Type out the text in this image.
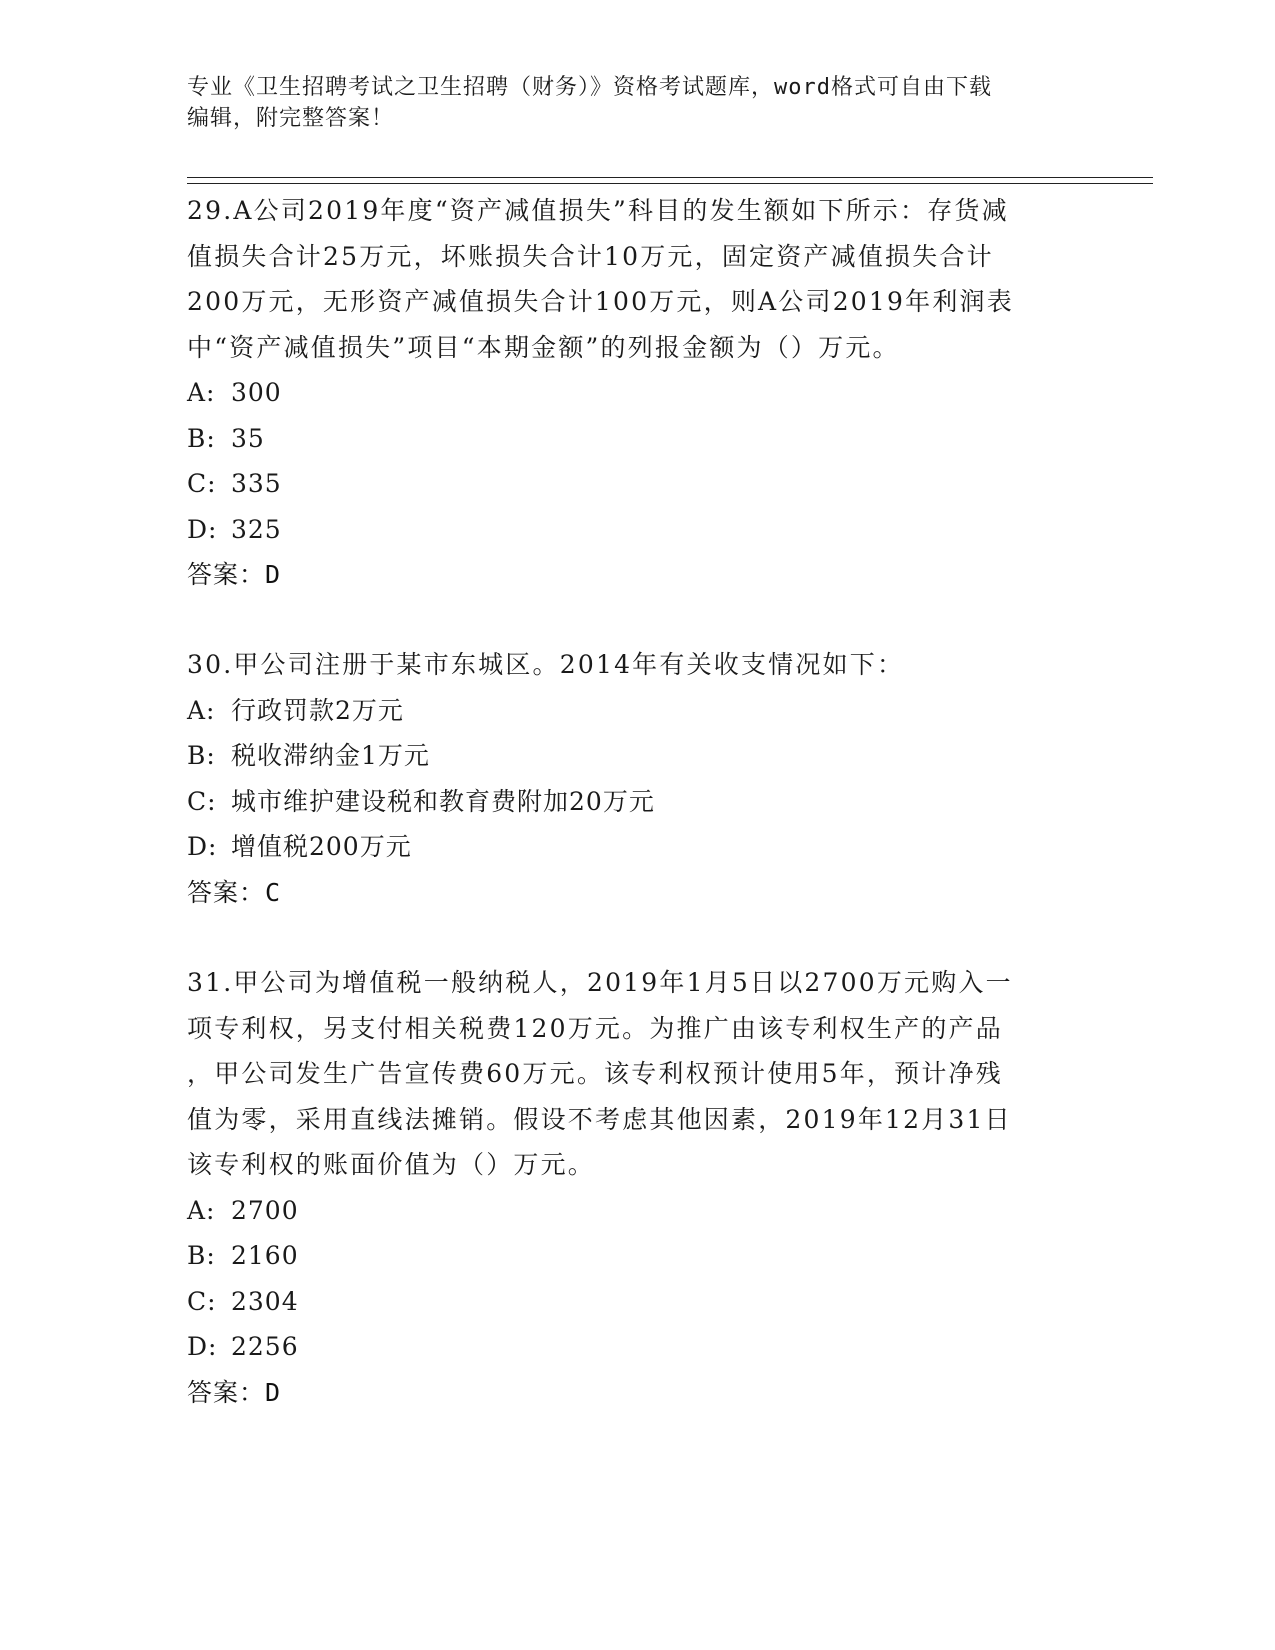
专业《卫生招聘考试之卫生招聘（财务）》资格考试题库，word格式可自由下载
编辑，附完整答案！

29.A公司2019年度“资产减值损失”科目的发生额如下所示：存货减

值损失合计25万元，坏账损失合计10万元，固定资产减值损失合计

200万元，无形资产减值损失合计100万元，则A公司2019年利润表

中“资产减值损失”项目“本期金额”的列报金额为（）万元。

A: 300

B: 35

C: 335

D: 325

答案：D

30.甲公司注册于某市东城区。2014年有关收支情况如下：

A: 行政罚款2万元

B: 税收滞纳金1万元

C: 城市维护建设税和教育费附加20万元

D: 增值税200万元

答案：C

31.甲公司为增值税一般纳税人，2019年1月5日以2700万元购入一

项专利权，另支付相关税费120万元。为推广由该专利权生产的产品

，甲公司发生广告宣传费60万元。该专利权预计使用5年，预计净残

值为零，采用直线法摊销。假设不考虑其他因素，2019年12月31日

该专利权的账面价值为（）万元。

A: 2700

B: 2160

C: 2304

D: 2256

答案：D
